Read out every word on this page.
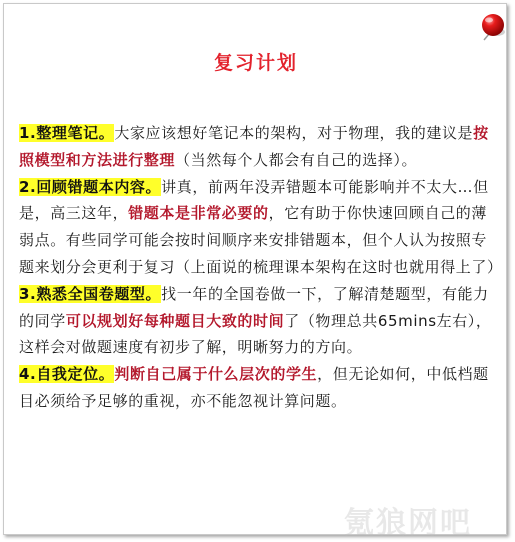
复习计划

1.整理笔记。大家应该想好笔记本的架构，对于物理，我的建议是按照模型和方法进行整理（当然每个人都会有自己的选择）。

2.回顾错题本内容。讲真，前两年没弄错题本可能影响并不太大…但是，高三这年，错题本是非常必要的，它有助于你快速回顾自己的薄弱点。有些同学可能会按时间顺序来安排错题本，但个人认为按照专题来划分会更利于复习（上面说的梳理课本架构在这时也就用得上了）

3.熟悉全国卷题型。找一年的全国卷做一下，了解清楚题型，有能力的同学可以规划好每种题目大致的时间了（物理总共65mins左右），这样会对做题速度有初步了解，明晰努力的方向。

4.自我定位。判断自己属于什么层次的学生，但无论如何，中低档题目必须给予足够的重视，亦不能忽视计算问题。

氪狼网吧
